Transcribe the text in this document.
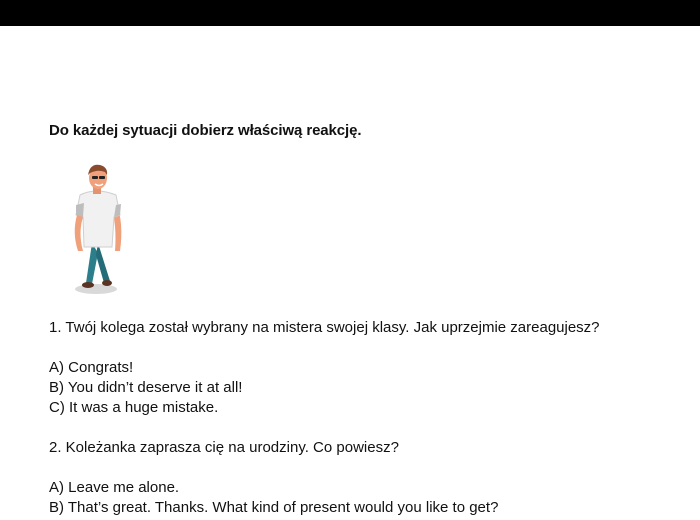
Do każdej sytuacji dobierz właściwą reakcję.
1. Twój kolega został wybrany na mistera swojej klasy. Jak uprzejmie zareagujesz?
A) Congrats!
B) You didn’t deserve it at all!
C) It was a huge mistake.
2. Koleżanka zaprasza cię na urodziny. Co powiesz?
A) Leave me alone.
B) That’s great. Thanks. What kind of present would you like to get?
